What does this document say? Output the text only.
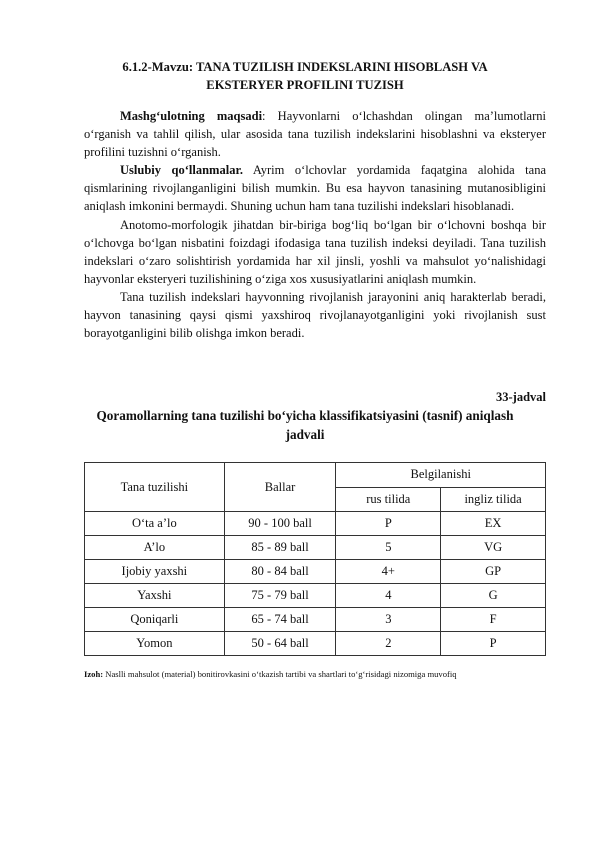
6.1.2-Mavzu: TANA TUZILISH INDEKSLARINI HISOBLASH VA
EKSTERYER PROFILINI TUZISH

Mashg‘ulotning maqsadi: Hayvonlarni o‘lchashdan olingan ma’lumotlarni o‘rganish va tahlil qilish, ular asosida tana tuzilish indekslarini hisoblashni va eksteryer profilini tuzishni o‘rganish.

Uslubiy qo‘llanmalar. Ayrim o‘lchovlar yordamida faqatgina alohida tana qismlarining rivojlanganligini bilish mumkin. Bu esa hayvon tanasining mutanosibligini aniqlash imkonini bermaydi. Shuning uchun ham tana tuzilishi indekslari hisoblanadi.

Anotomo-morfologik jihatdan bir-biriga bog‘liq bo‘lgan bir o‘lchovni boshqa bir o‘lchovga bo‘lgan nisbatini foizdagi ifodasiga tana tuzilish indeksi deyiladi. Tana tuzilish indekslari o‘zaro solishtirish yordamida har xil jinsli, yoshli va mahsulot yo‘nalishidagi hayvonlar eksteryeri tuzilishining o‘ziga xos xususiyatlarini aniqlash mumkin.

Tana tuzilish indekslari hayvonning rivojlanish jarayonini aniq harakterlab beradi, hayvon tanasining qaysi qismi yaxshiroq rivojlanayotganligini yoki rivojlanish sust borayotganligini bilib olishga imkon beradi.

33-jadval
Qoramollarning tana tuzilishi bo‘yicha klassifikatsiyasini (tasnif) aniqlash
jadvali
Tana tuzilishi	Ballar	Belgilanishi	
		rus tilida	ingliz tilida
O‘ta a’lo	90 - 100 ball	P	EX
A’lo	85 - 89 ball	5	VG
Ijobiy yaxshi	80 - 84 ball	4+	GP
Yaxshi	75 - 79 ball	4	G
Qoniqarli	65 - 74 ball	3	F
Yomon	50 - 64 ball	2	P
Izoh: Naslli mahsulot (material) bonitirovkasini o‘tkazish tartibi va shartlari to‘g‘risidagi nizomiga muvofiq
